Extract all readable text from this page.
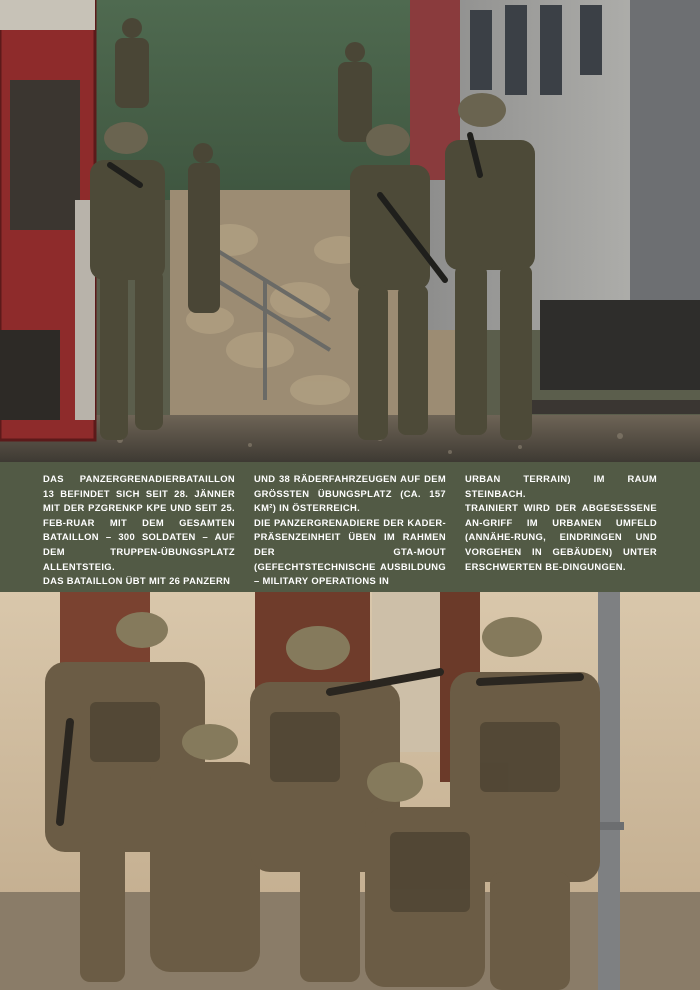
DAS PANZERGRENADIERBATAILLON 13 BEFINDET SICH SEIT 28. JÄNNER MIT DER PZGRENKP KPE UND SEIT 25. FEB-RUAR MIT DEM GESAMTEN BATAILLON – 300 SOLDATEN – AUF DEM TRUPPEN-ÜBUNGSPLATZ ALLENTSTEIG.

DAS BATAILLON ÜBT MIT 26 PANZERN

UND 38 RÄDERFAHRZEUGEN AUF DEM GRÖSSTEN ÜBUNGSPLATZ (CA. 157 KM²) IN ÖSTERREICH.

DIE PANZERGRENADIERE DER KADER-PRÄSENZEINHEIT ÜBEN IM RAHMEN DER GTA-MOUT (GEFECHTSTECHNISCHE AUSBILDUNG – MILITARY OPERATIONS IN

URBAN TERRAIN) IM RAUM STEINBACH.

TRAINIERT WIRD DER ABGESESSENE AN-GRIFF IM URBANEN UMFELD (ANNÄHE-RUNG, EINDRINGEN UND VORGEHEN IN GEBÄUDEN) UNTER ERSCHWERTEN BE-DINGUNGEN.
